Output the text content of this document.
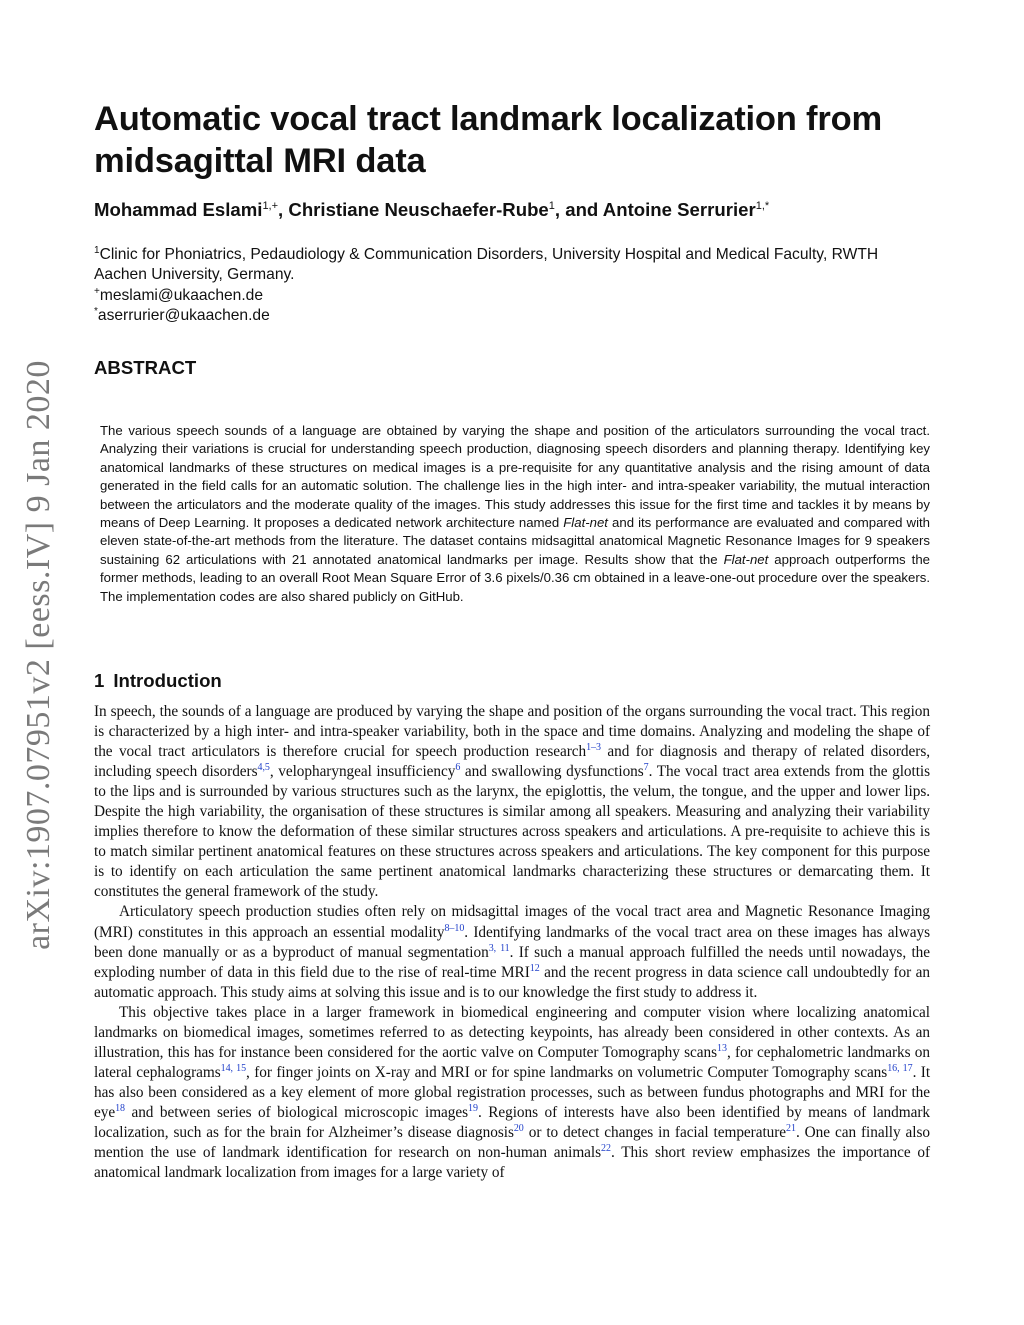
arXiv:1907.07951v2 [eess.IV] 9 Jan 2020
Automatic vocal tract landmark localization from midsagittal MRI data
Mohammad Eslami$^{1,+}$, Christiane Neuschaefer-Rube$^1$, and Antoine Serrurier$^{1,*}$

$^1$Clinic for Phoniatrics, Pedaudiology & Communication Disorders, University Hospital and Medical Faculty, RWTH Aachen University, Germany.

+meslami@ukaachen.de

*aserrurier@ukaachen.de

ABSTRACT

The various speech sounds of a language are obtained by varying the shape and position of the articulators surrounding the vocal tract. Analyzing their variations is crucial for understanding speech production, diagnosing speech disorders and planning therapy. Identifying key anatomical landmarks of these structures on medical images is a pre-requisite for any quantitative analysis and the rising amount of data generated in the field calls for an automatic solution. The challenge lies in the high inter- and intra-speaker variability, the mutual interaction between the articulators and the moderate quality of the images. This study addresses this issue for the first time and tackles it by means by means of Deep Learning. It proposes a dedicated network architecture named Flat-net and its performance are evaluated and compared with eleven state-of-the-art methods from the literature. The dataset contains midsagittal anatomical Magnetic Resonance Images for 9 speakers sustaining 62 articulations with 21 annotated anatomical landmarks per image. Results show that the Flat-net approach outperforms the former methods, leading to an overall Root Mean Square Error of 3.6 pixels/0.36 cm obtained in a leave-one-out procedure over the speakers. The implementation codes are also shared publicly on GitHub.

1 Introduction

In speech, the sounds of a language are produced by varying the shape and position of the organs surrounding the vocal tract. This region is characterized by a high inter- and intra-speaker variability, both in the space and time domains. Analyzing and modeling the shape of the vocal tract articulators is therefore crucial for speech production research$^{1-3}$ and for diagnosis and therapy of related disorders, including speech disorders$^{4,5}$, velopharyngeal insufficiency$^6$ and swallowing dysfunctions$^7$. The vocal tract area extends from the glottis to the lips and is surrounded by various structures such as the larynx, the epiglottis, the velum, the tongue, and the upper and lower lips. Despite the high variability, the organisation of these structures is similar among all speakers. Measuring and analyzing their variability implies therefore to know the deformation of these similar structures across speakers and articulations. A pre-requisite to achieve this is to match similar pertinent anatomical features on these structures across speakers and articulations. The key component for this purpose is to identify on each articulation the same pertinent anatomical landmarks characterizing these structures or demarcating them. It constitutes the general framework of the study.

Articulatory speech production studies often rely on midsagittal images of the vocal tract area and Magnetic Resonance Imaging (MRI) constitutes in this approach an essential modality$^{8-10}$. Identifying landmarks of the vocal tract area on these images has always been done manually or as a byproduct of manual segmentation$^{3, 11}$. If such a manual approach fulfilled the needs until nowadays, the exploding number of data in this field due to the rise of real-time MRI$^{12}$ and the recent progress in data science call undoubtedly for an automatic approach. This study aims at solving this issue and is to our knowledge the first study to address it.

This objective takes place in a larger framework in biomedical engineering and computer vision where localizing anatomical landmarks on biomedical images, sometimes referred to as detecting keypoints, has already been considered in other contexts. As an illustration, this has for instance been considered for the aortic valve on Computer Tomography scans$^{13}$, for cephalometric landmarks on lateral cephalograms$^{14, 15}$, for finger joints on X-ray and MRI or for spine landmarks on volumetric Computer Tomography scans$^{16, 17}$. It has also been considered as a key element of more global registration processes, such as between fundus photographs and MRI for the eye$^{18}$ and between series of biological microscopic images$^{19}$. Regions of interests have also been identified by means of landmark localization, such as for the brain for Alzheimer’s disease diagnosis$^{20}$ or to detect changes in facial temperature$^{21}$. One can finally also mention the use of landmark identification for research on non-human animals$^{22}$. This short review emphasizes the importance of anatomical landmark localization from images for a large variety of
